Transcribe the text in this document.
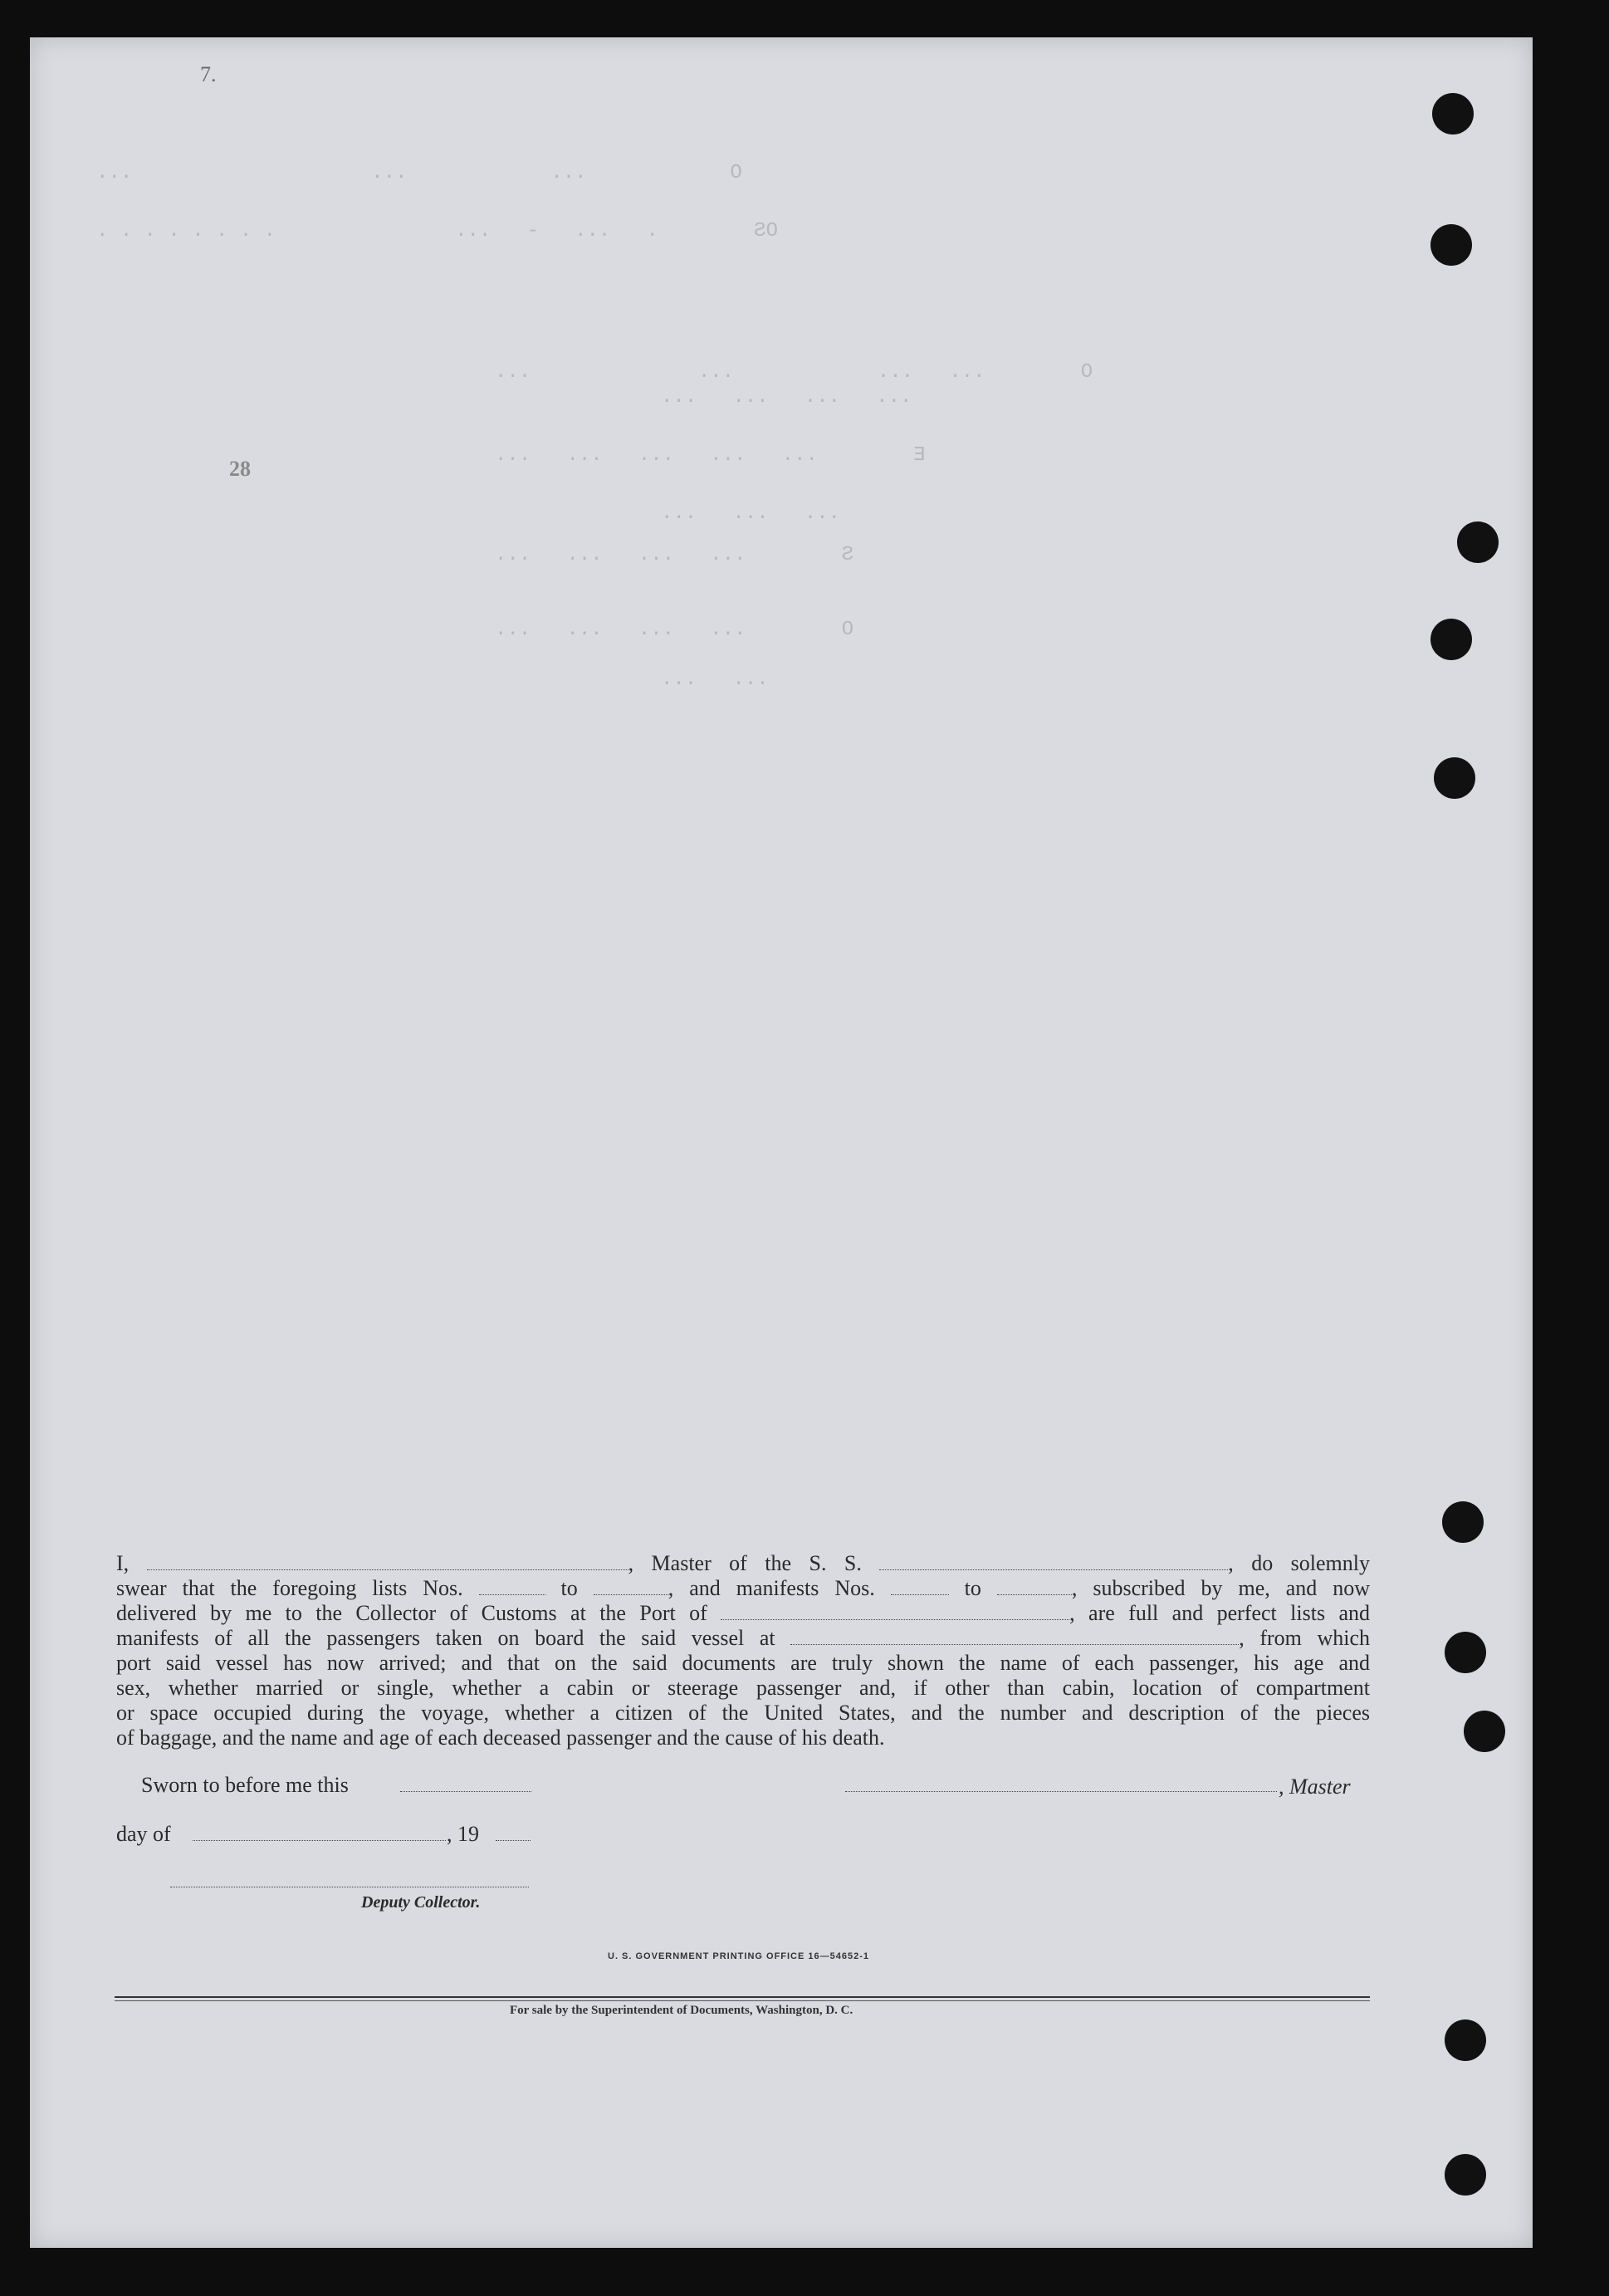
O            ...            ...                    ...
OS        .   ...   -   ...               . . . . . . . .
O        ...   ...            ...              ...
...   ...   ...   ...
E        ...   ...   ...   ...   ...
...   ...   ...
S        ...   ...   ...   ...
O        ...   ...   ...   ...
...   ...
7.
28

I,	, Master of the S. S.	, do solemnly

swear that the foregoing lists Nos.	to	, and manifests Nos.	to	, subscribed by me, and now

delivered by me to the Collector of Customs at the Port of	, are full and perfect lists and

manifests of all the passengers taken on board the said vessel at	, from which

port said vessel has now arrived; and that on the said documents are truly shown the name of each passenger, his age and

sex, whether married or single, whether a cabin or steerage passenger and, if other than cabin, location of compartment

or space occupied during the voyage, whether a citizen of the United States, and the number and description of the pieces

of baggage, and the name and age of each deceased passenger and the cause of his death.

Sworn to before me this	, Master
day of	, 19
Deputy Collector.
U. S. GOVERNMENT PRINTING OFFICE 16—54652-1
For sale by the Superintendent of Documents, Washington, D. C.
